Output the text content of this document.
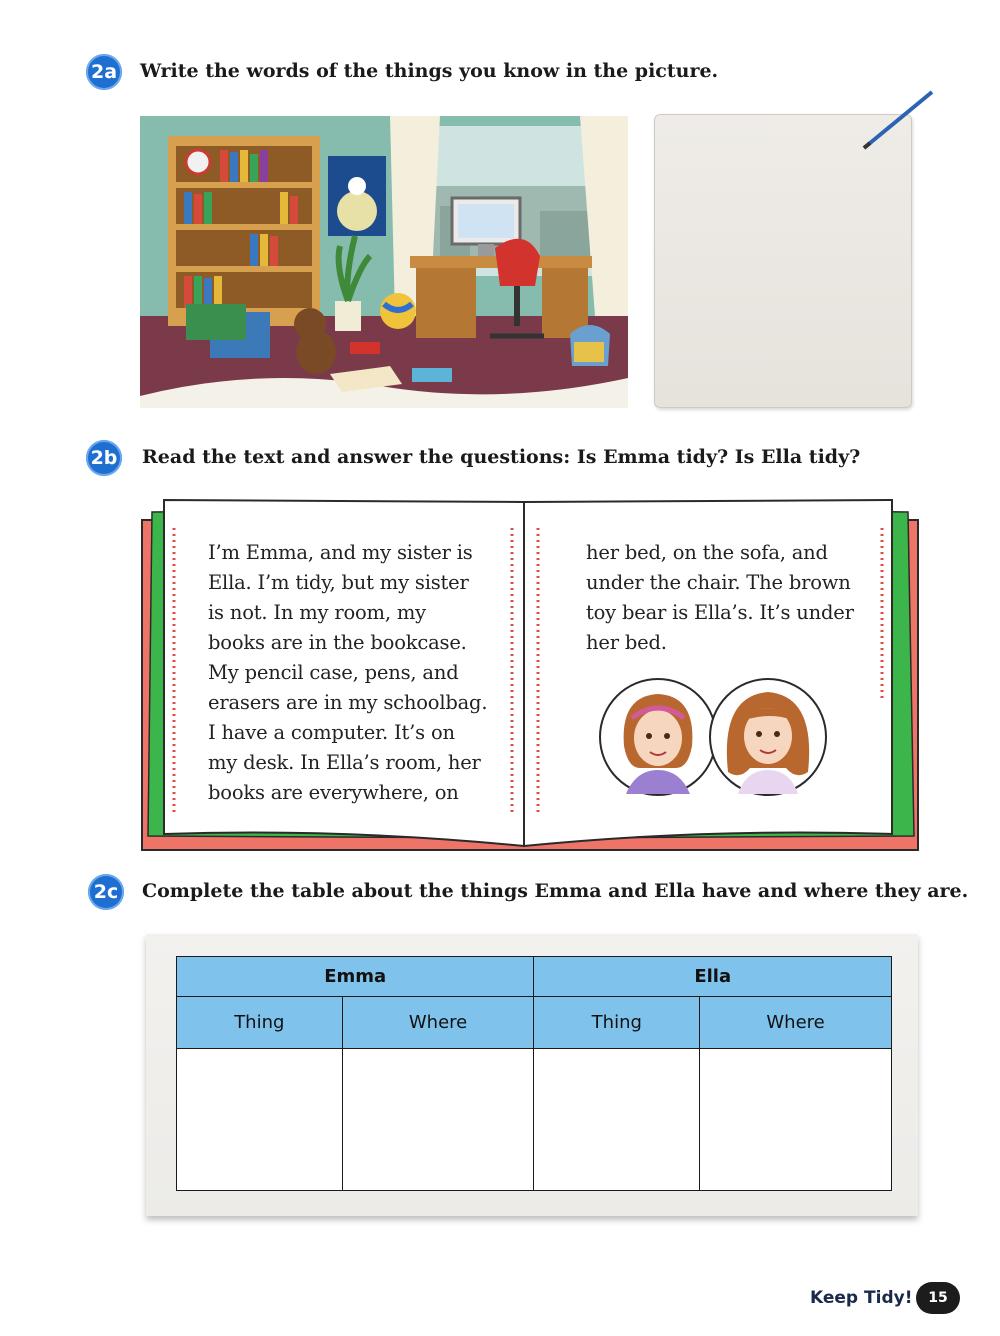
2a Write the words of the things you know in the picture.
2b Read the text and answer the questions: Is Emma tidy? Is Ella tidy?
I’m Emma, and my sister is
Ella. I’m tidy, but my sister
is not. In my room, my
books are in the bookcase.
My pencil case, pens, and
erasers are in my schoolbag.
I have a computer. It’s on
my desk. In Ella’s room, her
books are everywhere, on
her bed, on the sofa, and
under the chair. The brown
toy bear is Ella’s. It’s under
her bed.
2c	Complete the table about the things Emma and Ella have and where they are.
Emma		Ella	
Thing	Where	Thing	Where

Keep Tidy!	15
